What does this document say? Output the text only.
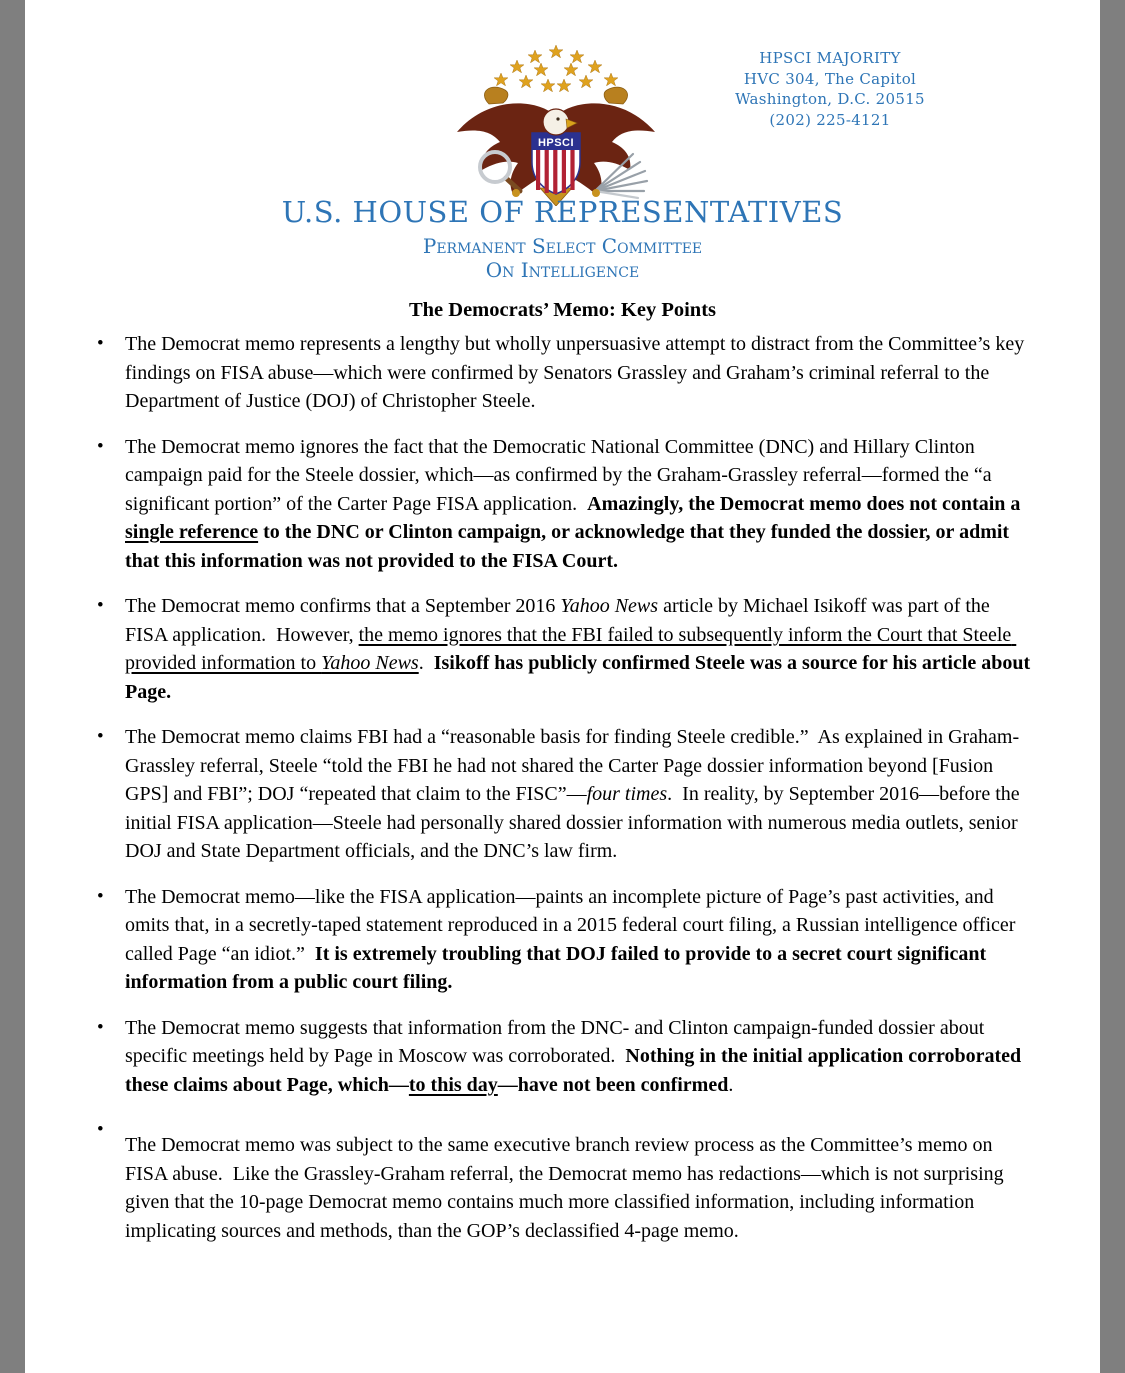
HPSCI MAJORITY
HVC 304, The Capitol
Washington, D.C. 20515
(202) 225-4121
HPSCI
U.S. HOUSE OF REPRESENTATIVES
Permanent Select Committee
On Intelligence
The Democrats’ Memo: Key Points
• The Democrat memo represents a lengthy but wholly unpersuasive attempt to distract from the Committee’s key findings on FISA abuse—which were confirmed by Senators Grassley and Graham’s criminal referral to the Department of Justice (DOJ) of Christopher Steele.
• The Democrat memo ignores the fact that the Democratic National Committee (DNC) and Hillary Clinton campaign paid for the Steele dossier, which—as confirmed by the Graham-Grassley referral—formed the “a significant portion” of the Carter Page FISA application.  Amazingly, the Democrat memo does not contain a single reference to the DNC or Clinton campaign, or acknowledge that they funded the dossier, or admit that this information was not provided to the FISA Court.
• The Democrat memo confirms that a September 2016 Yahoo News article by Michael Isikoff was part of the FISA application.  However, the memo ignores that the FBI failed to subsequently inform the Court that Steele provided information to Yahoo News.  Isikoff has publicly confirmed Steele was a source for his article about Page.
• The Democrat memo claims FBI had a “reasonable basis for finding Steele credible.”  As explained in Graham-Grassley referral, Steele “told the FBI he had not shared the Carter Page dossier information beyond [Fusion GPS] and FBI”; DOJ “repeated that claim to the FISC”—four times.  In reality, by September 2016—before the initial FISA application—Steele had personally shared dossier information with numerous media outlets, senior DOJ and State Department officials, and the DNC’s law firm.
• The Democrat memo—like the FISA application—paints an incomplete picture of Page’s past activities, and omits that, in a secretly-taped statement reproduced in a 2015 federal court filing, a Russian intelligence officer called Page “an idiot.”  It is extremely troubling that DOJ failed to provide to a secret court significant information from a public court filing.
• The Democrat memo suggests that information from the DNC- and Clinton campaign-funded dossier about specific meetings held by Page in Moscow was corroborated.  Nothing in the initial application corroborated these claims about Page, which—to this day—have not been confirmed.
• The Democrat memo was subject to the same executive branch review process as the Committee’s memo on FISA abuse.  Like the Grassley-Graham referral, the Democrat memo has redactions—which is not surprising given that the 10-page Democrat memo contains much more classified information, including information implicating sources and methods, than the GOP’s declassified 4-page memo.
